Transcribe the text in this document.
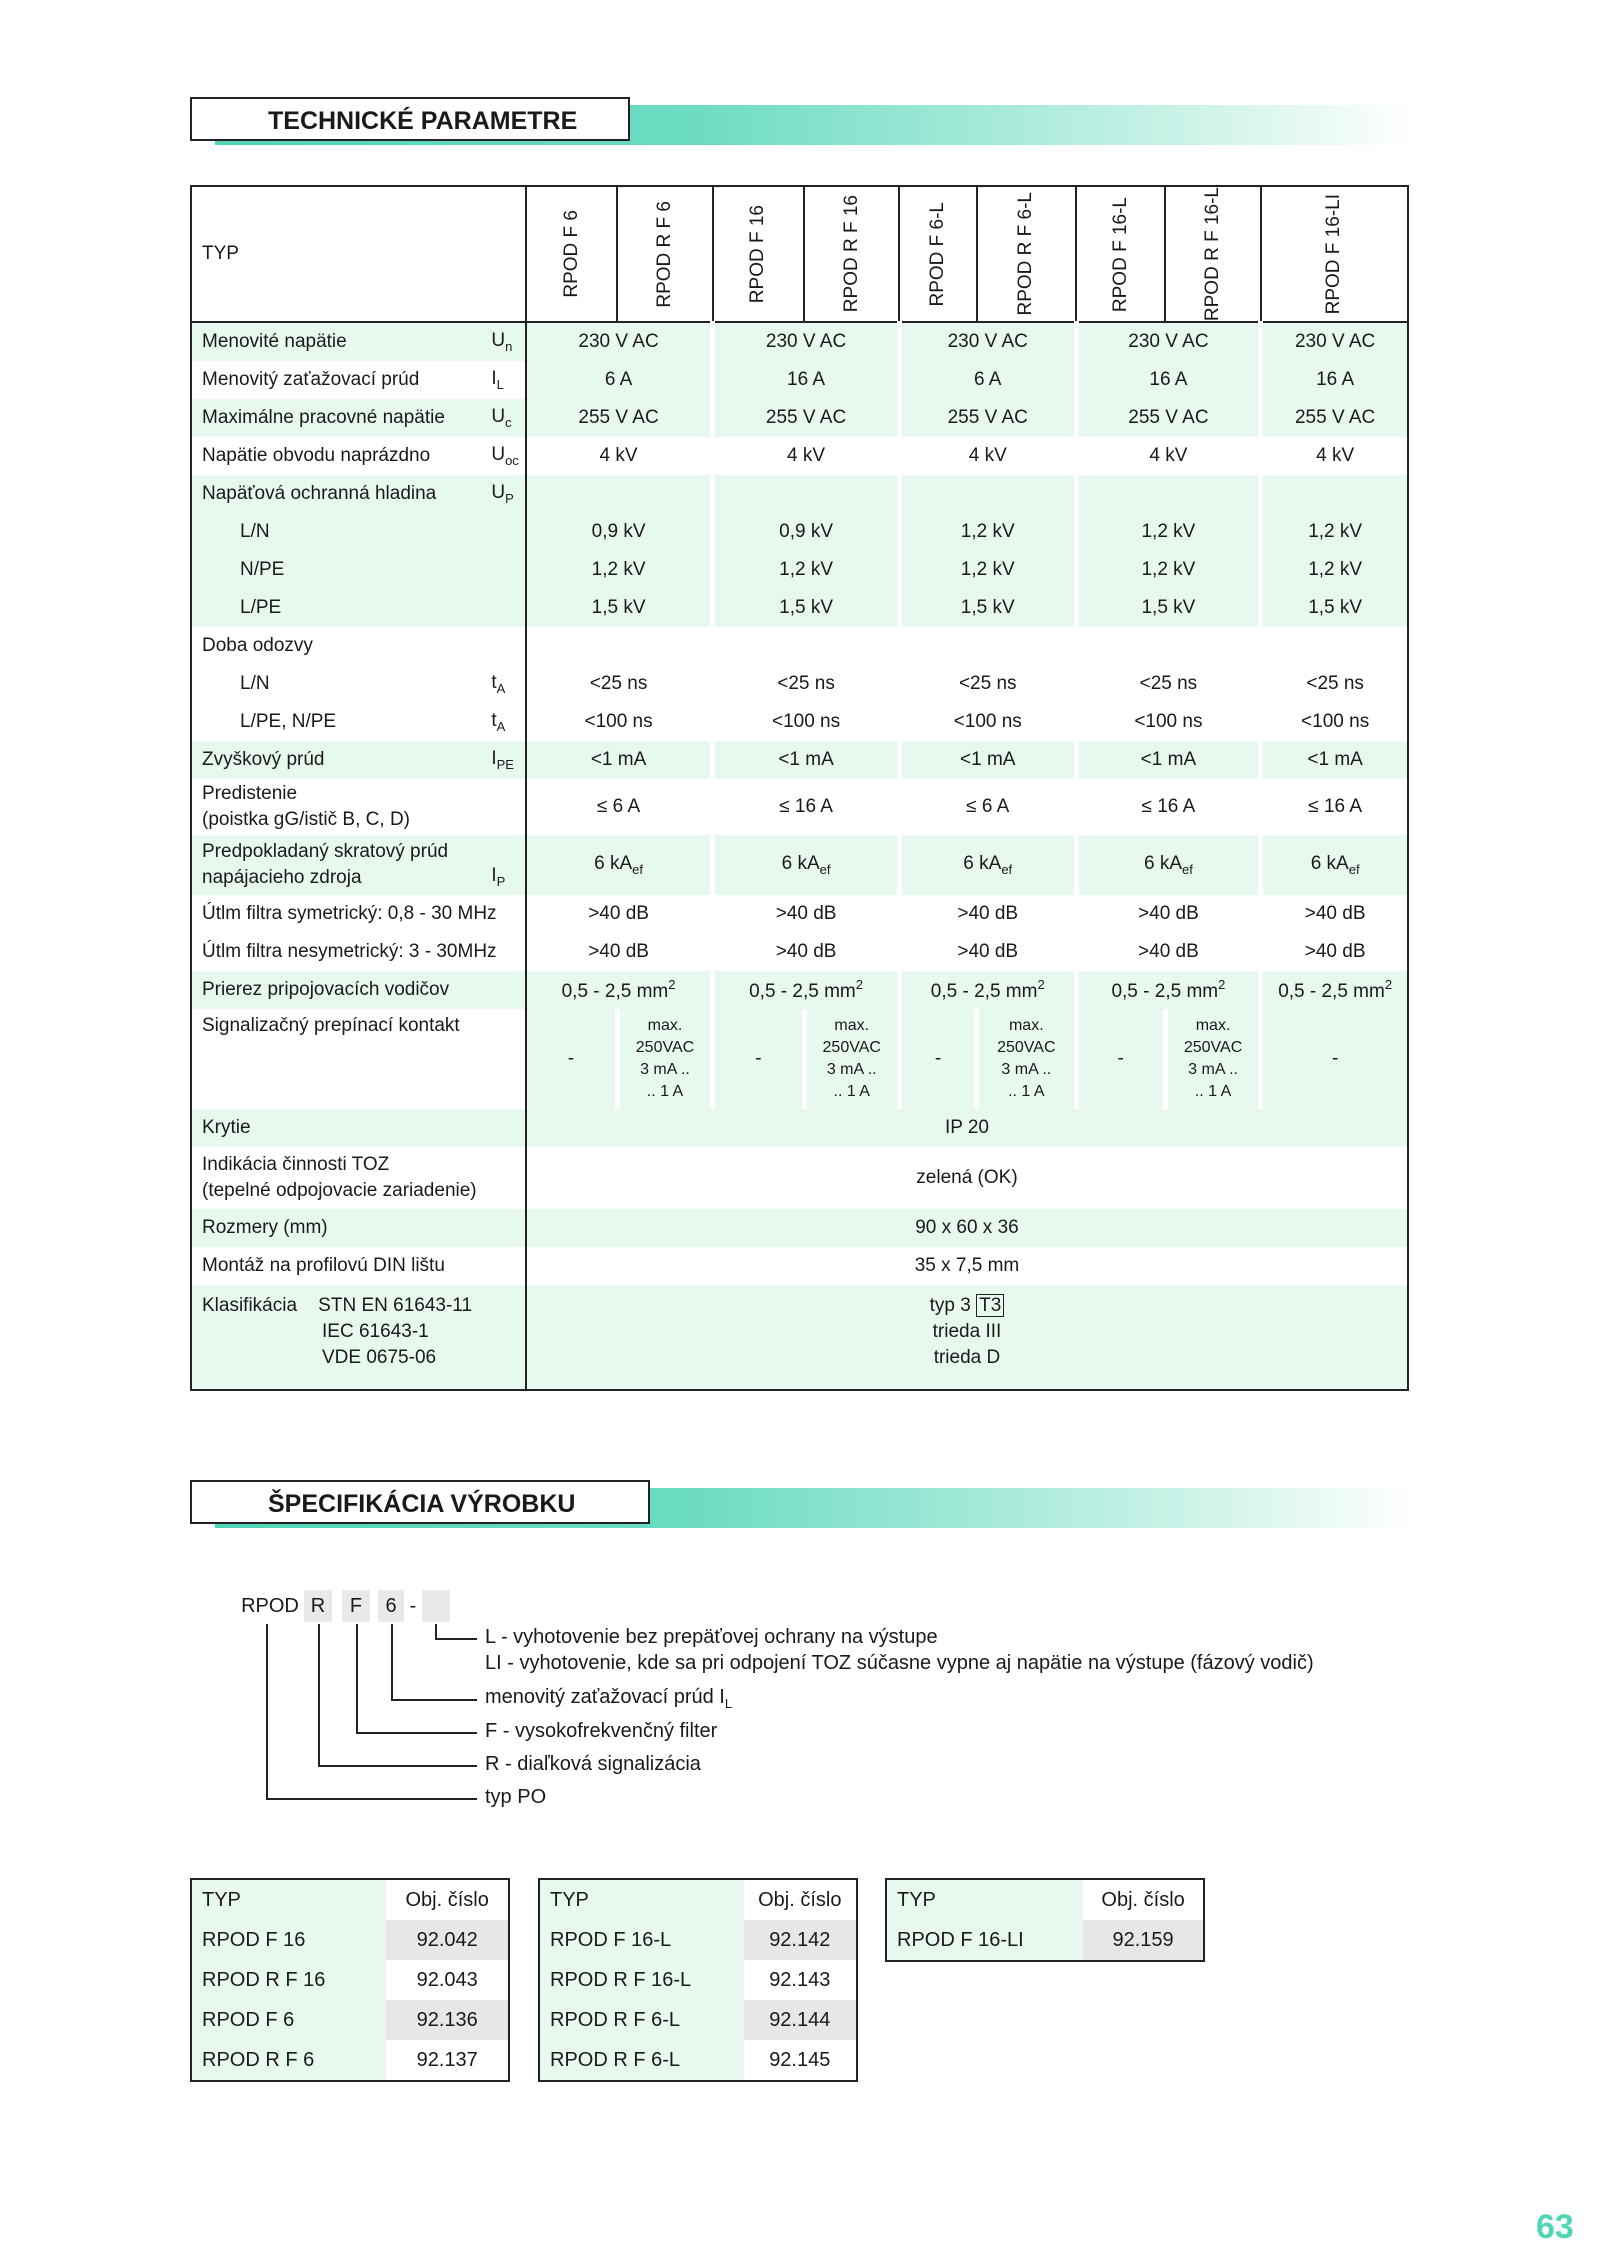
TECHNICKÉ PARAMETRE
TYP		RPOD F 6	RPOD R F 6	RPOD F 16	RPOD R F 16	RPOD F 6-L	RPOD R F 6-L	RPOD F 16-L	RPOD R F 16-L	RPOD F 16-LI

Menovité napätie	$U_n$	230 V AC		230 V AC		230 V AC		230 V AC		230 V AC
Menovitý zaťažovací prúd	$I_L$	6 A		16 A		6 A		16 A		16 A
Maximálne pracovné napätie	$U_c$	255 V AC		255 V AC		255 V AC		255 V AC		255 V AC
Napätie obvodu naprázdno	$U_{oc}$	4 kV		4 kV		4 kV		4 kV		4 kV
Napäťová ochranná hladina	$U_P$					
L/N		0,9 kV		0,9 kV		1,2 kV		1,2 kV		1,2 kV
N/PE		1,2 kV		1,2 kV		1,2 kV		1,2 kV		1,2 kV
L/PE		1,5 kV		1,5 kV		1,5 kV		1,5 kV		1,5 kV
Doba odozvy										
L/N	$t_A$	<25 ns		<25 ns		<25 ns		<25 ns		<25 ns
L/PE, N/PE	$t_A$	<100 ns		<100 ns		<100 ns		<100 ns		<100 ns
Zvyškový prúd	$I_{PE}$	<1 mA		<1 mA		<1 mA		<1 mA		<1 mA
Predistenie
(poistka gG/istič B, C, D)		≤ 6 A		≤ 16 A		≤ 6 A		≤ 16 A		≤ 16 A
Predpokladaný skratový prúd
napájacieho zdroja	$I_P$	6 $kA_{ef}$		6 $kA_{ef}$		6 $kA_{ef}$		6 $kA_{ef}$		6 $kA_{ef}$
Útlm filtra symetrický: 0,8 - 30 MHz		>40 dB		>40 dB		>40 dB		>40 dB		>40 dB
Útlm filtra nesymetrický: 3 - 30MHz		>40 dB		>40 dB		>40 dB		>40 dB		>40 dB
Prierez pripojovacích vodičov		0,5 - 2,5 $mm^2$		0,5 - 2,5 $mm^2$		0,5 - 2,5 $mm^2$		0,5 - 2,5 $mm^2$		0,5 - 2,5 $mm^2$
Signalizačný prepínací kontakt		-	max.
250VAC
3 mA ..
.. 1 A	-	max.
250VAC
3 mA ..
.. 1 A	-	max.
250VAC
3 mA ..
.. 1 A	-	max.
250VAC
3 mA ..
.. 1 A	-
Krytie		IP 20								
Indikácia činnosti TOZ
(tepelné odpojovacie zariadenie)		zelená (OK)								
Rozmery (mm)		90 x 60 x 36								
Montáž na profilovú DIN lištu		35 x 7,5 mm								
Klasifikácia STN EN 61643-11
IEC 61643-1
VDE 0675-06		typ 3 T3
trieda III
trieda D								
ŠPECIFIKÁCIA VÝROBKU
RPOD R	F	6 -
L - vyhotovenie bez prepäťovej ochrany na výstupe
LI - vyhotovenie, kde sa pri odpojení TOZ súčasne vypne aj napätie na výstupe (fázový vodič)
menovitý zaťažovací prúd $I_L$
F - vysokofrekvenčný filter
R - diaľková signalizácia
typ PO
TYP	Obj. číslo
RPOD F 16	92.042
RPOD R F 16	92.043
RPOD F 6	92.136
RPOD R F 6	92.137
TYP	Obj. číslo
RPOD F 16-L	92.142
RPOD R F 16-L	92.143
RPOD R F 6-L	92.144
RPOD R F 6-L	92.145
TYP	Obj. číslo
RPOD F 16-LI	92.159
63
